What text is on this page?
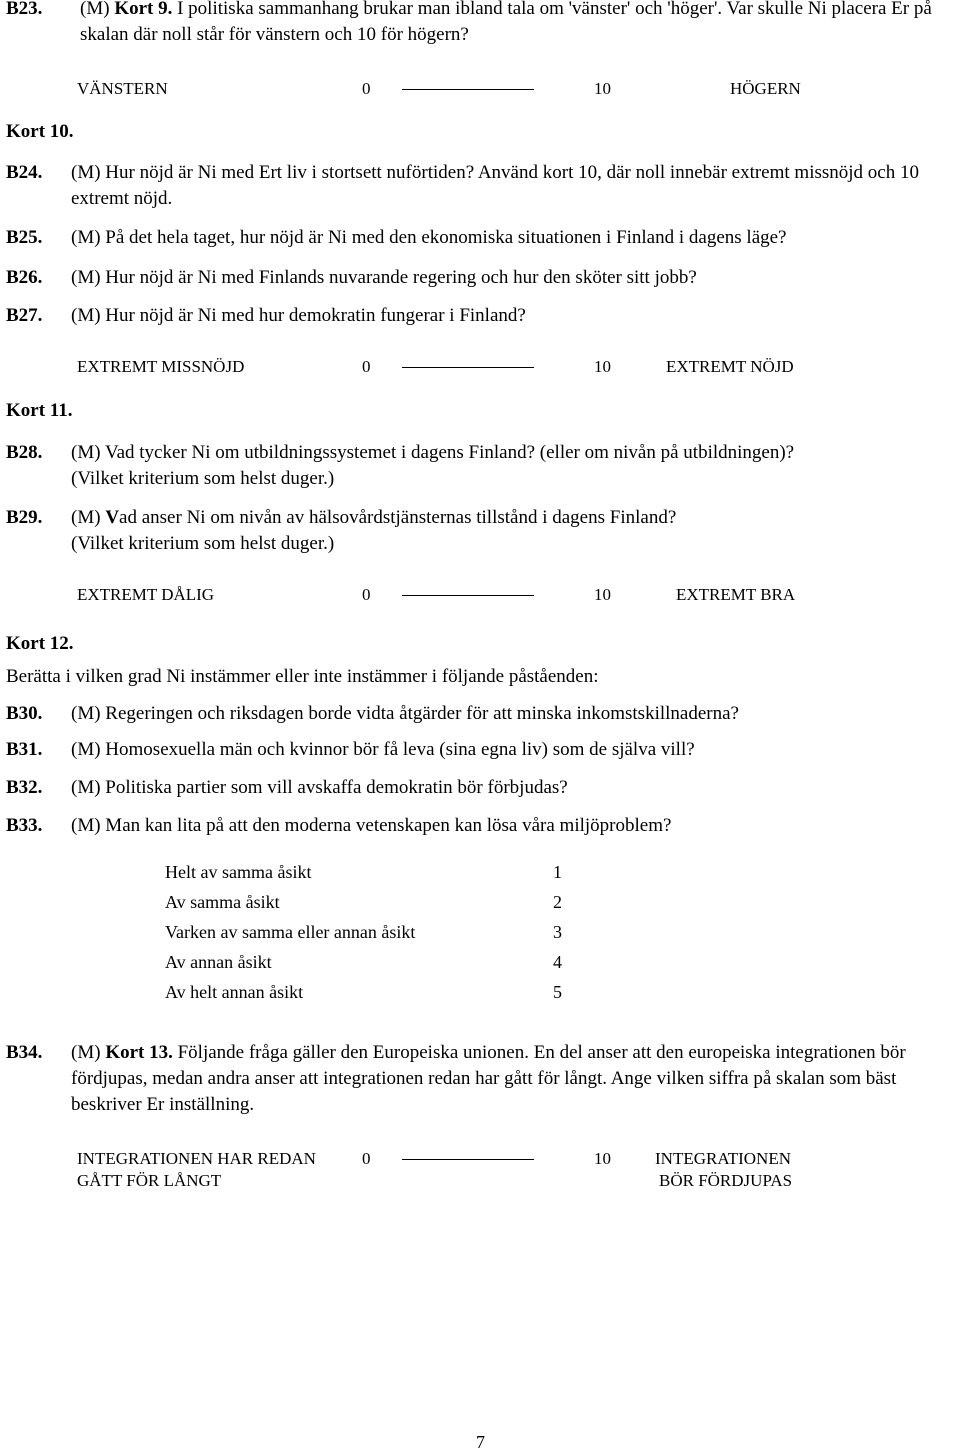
B23. (M) Kort 9. I politiska sammanhang brukar man ibland tala om 'vänster' och 'höger'. Var skulle Ni placera Er på skalan där noll står för vänstern och 10 för högern?
VÄNSTERN	0	10	HÖGERN
Kort 10.
B24. (M) Hur nöjd är Ni med Ert liv i stortsett nuförtiden? Använd kort 10, där noll innebär extremt missnöjd och 10 extremt nöjd.
B25. (M) På det hela taget, hur nöjd är Ni med den ekonomiska situationen i Finland i dagens läge?
B26. (M) Hur nöjd är Ni med Finlands nuvarande regering och hur den sköter sitt jobb?
B27. (M) Hur nöjd är Ni med hur demokratin fungerar i Finland?
EXTREMT MISSNÖJD	0	10	EXTREMT NÖJD
Kort 11.
B28. (M) Vad tycker Ni om utbildningssystemet i dagens Finland? (eller om nivån på utbildningen)?
(Vilket kriterium som helst duger.)
B29. (M) Vad anser Ni om nivån av hälsovårdstjänsternas tillstånd i dagens Finland?
(Vilket kriterium som helst duger.)
EXTREMT DÅLIG	0	10	EXTREMT BRA
Kort 12.
Berätta i vilken grad Ni instämmer eller inte instämmer i följande påståenden:
B30. (M) Regeringen och riksdagen borde vidta åtgärder för att minska inkomstskillnaderna?
B31. (M) Homosexuella män och kvinnor bör få leva (sina egna liv) som de själva vill?
B32. (M) Politiska partier som vill avskaffa demokratin bör förbjudas?
B33. (M) Man kan lita på att den moderna vetenskapen kan lösa våra miljöproblem?
Helt av samma åsikt	1
Av samma åsikt	2
Varken av samma eller annan åsikt	3
Av annan åsikt	4
Av helt annan åsikt	5
B34. (M) Kort 13. Följande fråga gäller den Europeiska unionen. En del anser att den europeiska integrationen bör fördjupas, medan andra anser att integrationen redan har gått för långt. Ange vilken siffra på skalan som bäst beskriver Er inställning.
INTEGRATIONEN HAR REDAN
GÅTT FÖR LÅNGT
0	10	INTEGRATIONEN
BÖR FÖRDJUPAS
7
